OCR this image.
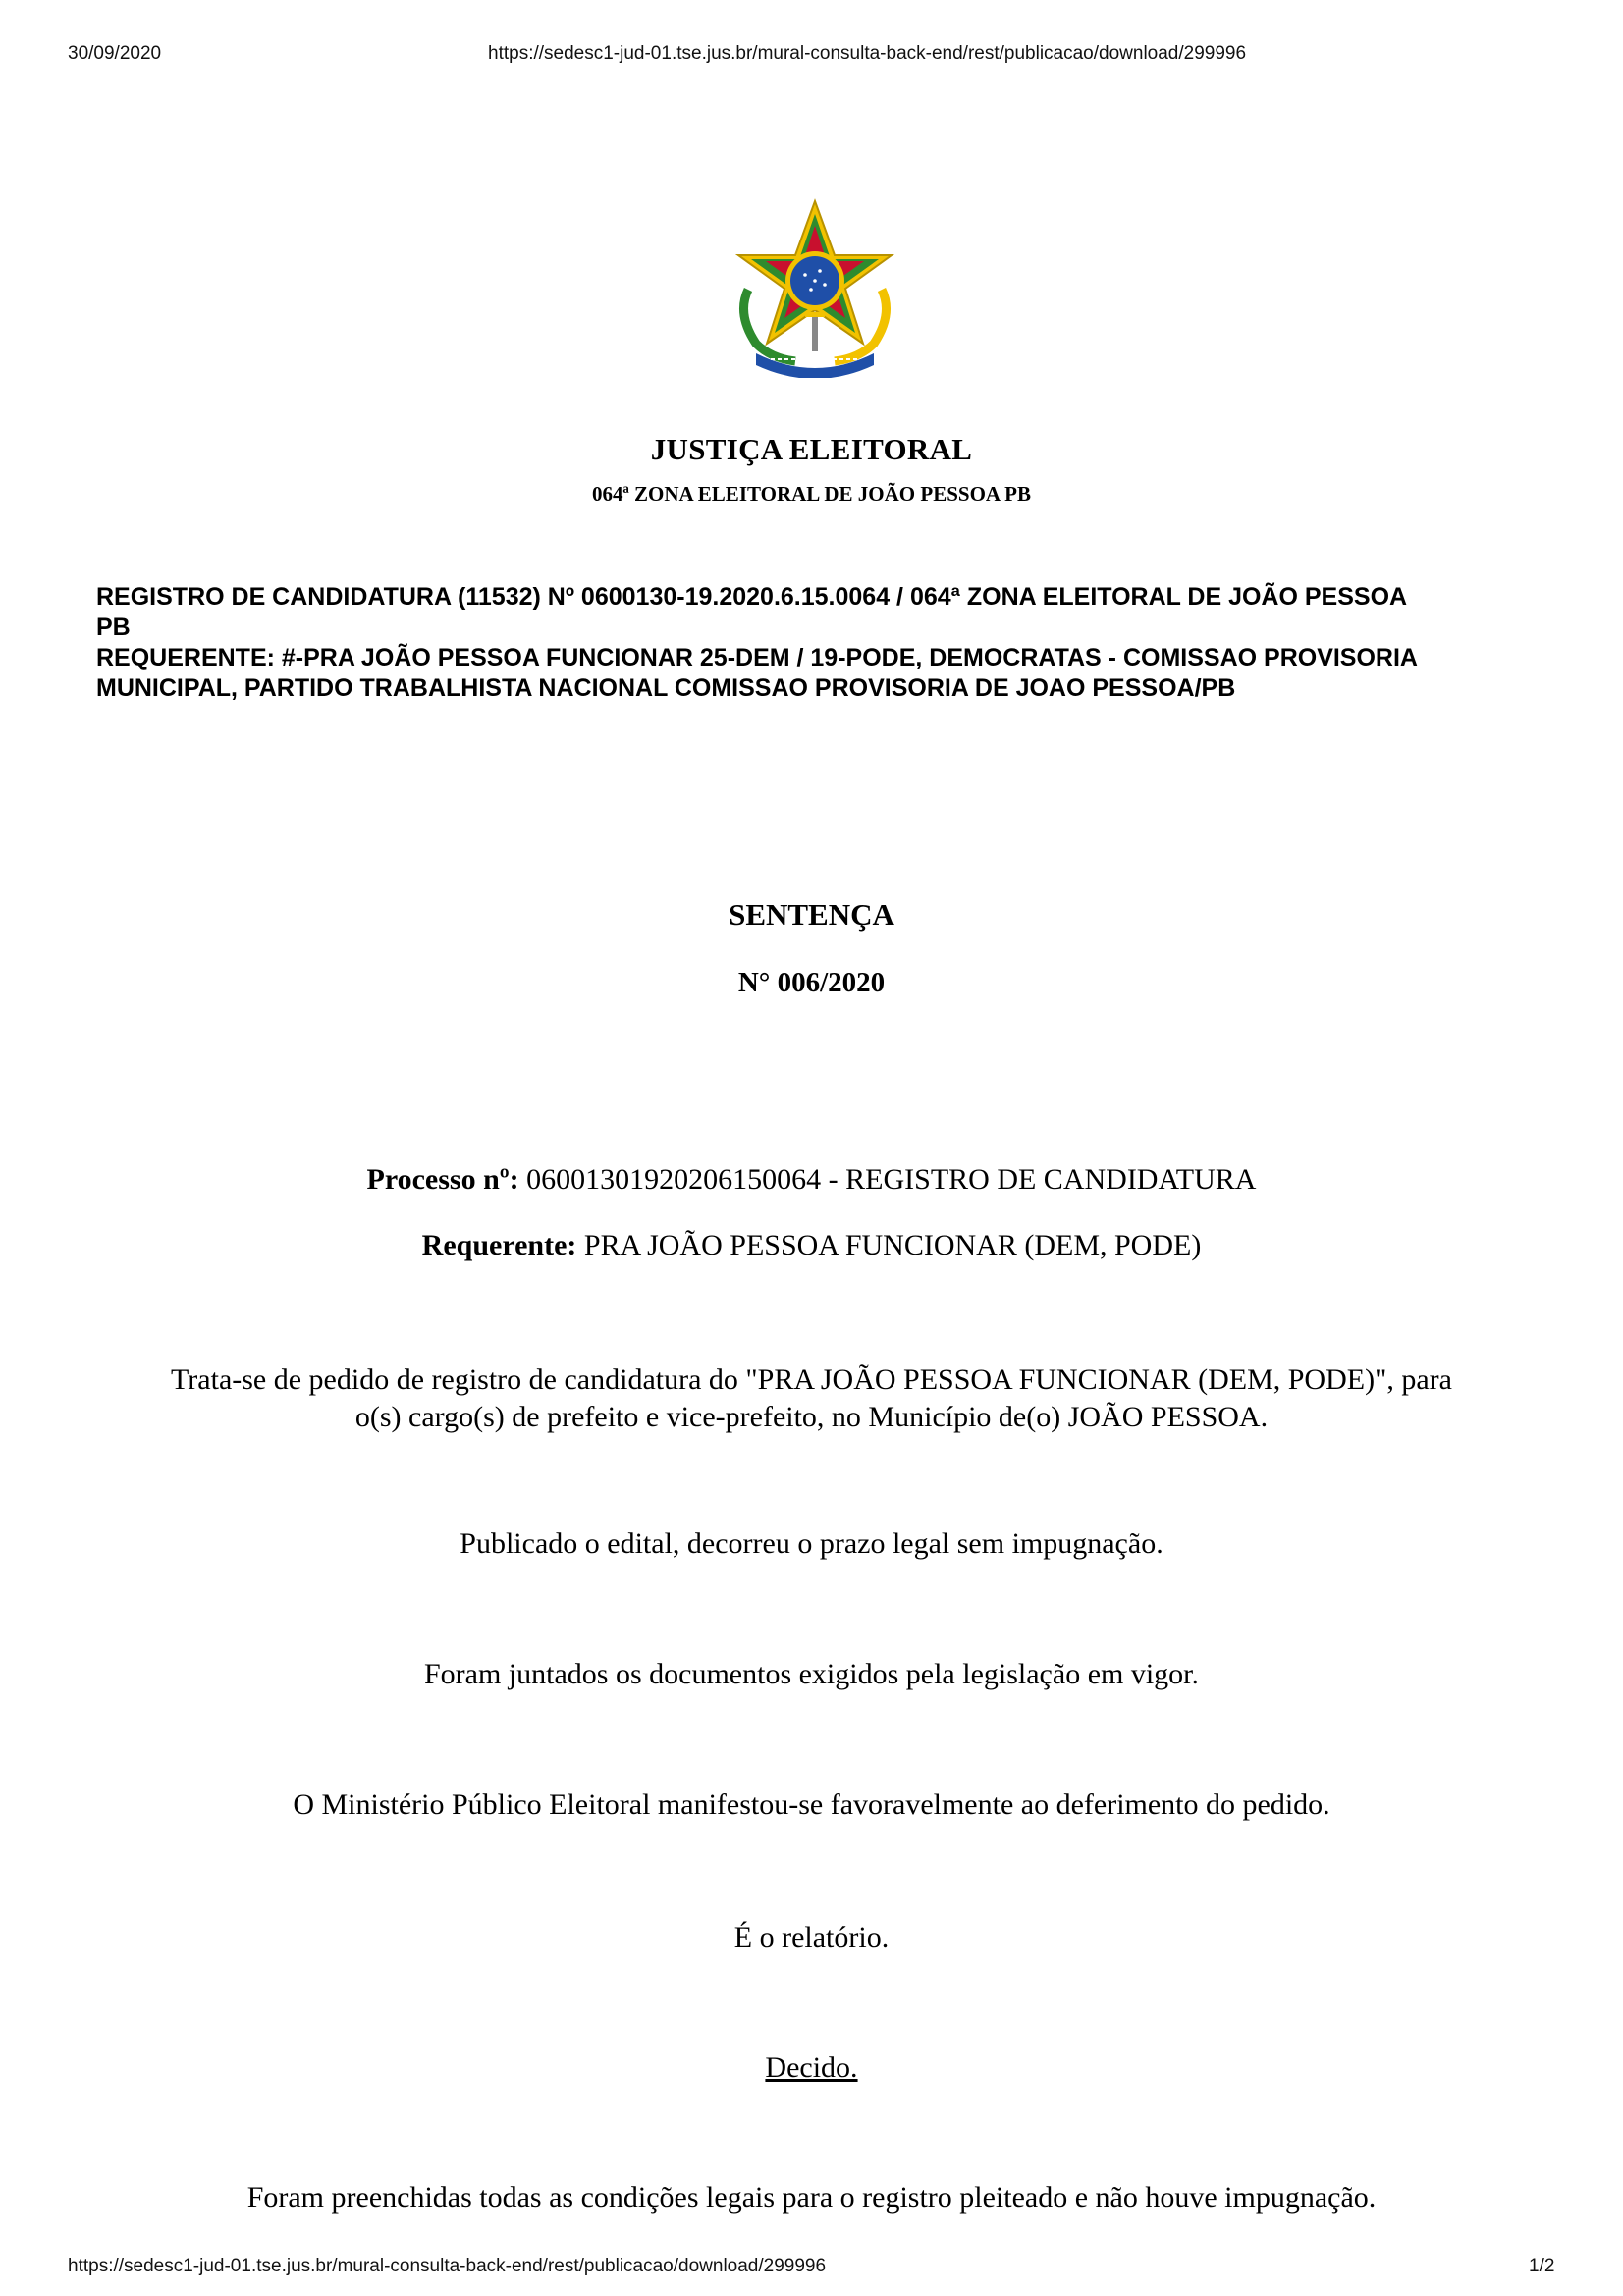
30/09/2020	https://sedesc1-jud-01.tse.jus.br/mural-consulta-back-end/rest/publicacao/download/299996
JUSTIÇA ELEITORAL
064ª ZONA ELEITORAL DE JOÃO PESSOA PB
REGISTRO DE CANDIDATURA (11532) Nº 0600130-19.2020.6.15.0064 / 064ª ZONA ELEITORAL DE JOÃO PESSOA
PB
REQUERENTE: #-PRA JOÃO PESSOA FUNCIONAR 25-DEM / 19-PODE, DEMOCRATAS - COMISSAO PROVISORIA
MUNICIPAL, PARTIDO TRABALHISTA NACIONAL COMISSAO PROVISORIA DE JOAO PESSOA/PB
SENTENÇA
N° 006/2020
Processo nº: 06001301920206150064 - REGISTRO DE CANDIDATURA
Requerente: PRA JOÃO PESSOA FUNCIONAR (DEM, PODE)
Trata-se de pedido de registro de candidatura do "PRA JOÃO PESSOA FUNCIONAR (DEM, PODE)", para
o(s) cargo(s) de prefeito e vice-prefeito, no Município de(o) JOÃO PESSOA.
Publicado o edital, decorreu o prazo legal sem impugnação.
Foram juntados os documentos exigidos pela legislação em vigor.
O Ministério Público Eleitoral manifestou-se favoravelmente ao deferimento do pedido.
É o relatório.
Decido.
Foram preenchidas todas as condições legais para o registro pleiteado e não houve impugnação.
https://sedesc1-jud-01.tse.jus.br/mural-consulta-back-end/rest/publicacao/download/299996	1/2
